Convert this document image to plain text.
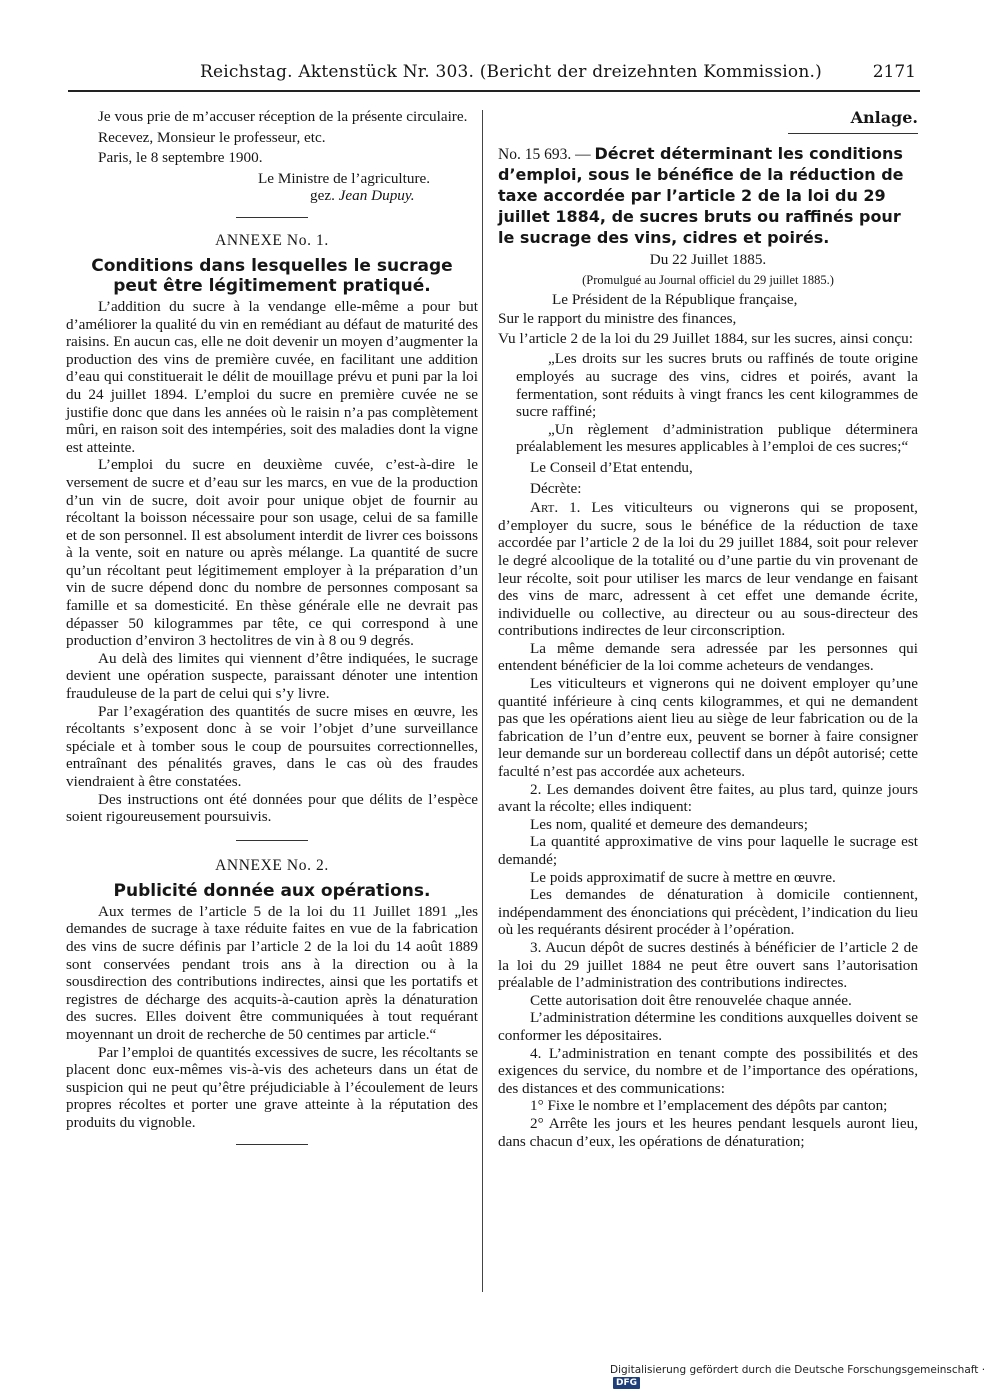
Reichstag. Aktenstück Nr. 303. (Bericht der dreizehnten Kommission.)	2171

Je vous prie de m’accuser réception de la présente circulaire.

Recevez, Monsieur le professeur, etc.

Paris, le 8 septembre 1900.

Le Ministre de l’agriculture.

gez. Jean Dupuy.

ANNEXE No. 1.

Conditions dans lesquelles le sucrage

peut être légitimement pratiqué.

L’addition du sucre à la vendange elle-même a pour but d’améliorer la qualité du vin en remédiant au défaut de maturité des raisins. En aucun cas, elle ne doit devenir un moyen d’augmenter la production des vins de première cuvée, en facilitant une addition d’eau qui constituerait le délit de mouillage prévu et puni par la loi du 24 juillet 1894. L’emploi du sucre en première cuvée ne se justifie donc que dans les années où le raisin n’a pas complètement mûri, en raison soit des intempéries, soit des maladies dont la vigne est atteinte.

L’emploi du sucre en deuxième cuvée, c’est-à-dire le versement de sucre et d’eau sur les marcs, en vue de la production d’un vin de sucre, doit avoir pour unique objet de fournir au récoltant la boisson nécessaire pour son usage, celui de sa famille et de son personnel. Il est absolument interdit de livrer ces boissons à la vente, soit en nature ou après mélange. La quantité de sucre qu’un récoltant peut légitimement employer à la préparation d’un vin de sucre dépend donc du nombre de personnes composant sa famille et sa domesticité. En thèse générale elle ne devrait pas dépasser 50 kilogrammes par tête, ce qui correspond à une production d’environ 3 hectolitres de vin à 8 ou 9 degrés.

Au delà des limites qui viennent d’être indiquées, le sucrage devient une opération suspecte, paraissant dénoter une intention frauduleuse de la part de celui qui s’y livre.

Par l’exagération des quantités de sucre mises en œuvre, les récoltants s’exposent donc à se voir l’objet d’une surveillance spéciale et à tomber sous le coup de poursuites correctionnelles, entraînant des pénalités graves, dans le cas où des fraudes viendraient à être constatées.

Des instructions ont été données pour que délits de l’espèce soient rigoureusement poursuivis.

ANNEXE No. 2.

Publicité donnée aux opérations.

Aux termes de l’article 5 de la loi du 11 Juillet 1891 „les demandes de sucrage à taxe réduite faites en vue de la fabrication des vins de sucre définis par l’article 2 de la loi du 14 août 1889 sont conservées pendant trois ans à la direction ou à la sousdirection des contributions indirectes, ainsi que les portatifs et registres de décharge des acquits-à-caution après la dénaturation des sucres. Elles doivent être communiquées à tout requérant moyennant un droit de recherche de 50 centimes par article.“

Par l’emploi de quantités excessives de sucre, les récoltants se placent donc eux-mêmes vis-à-vis des acheteurs dans un état de suspicion qui ne peut qu’être préjudiciable à l’écoulement de leurs propres récoltes et porter une grave atteinte à la réputation des produits du vignoble.

Anlage.

No. 15 693. — Décret déterminant les conditions d’emploi, sous le bénéfice de la réduction de taxe accordée par l’article 2 de la loi du 29 juillet 1884, de sucres bruts ou raffinés pour le sucrage des vins, cidres et poirés.

Du 22 Juillet 1885.

(Promulgué au Journal officiel du 29 juillet 1885.)

Le Président de la République française,

Sur le rapport du ministre des finances,

Vu l’article 2 de la loi du 29 Juillet 1884, sur les sucres, ainsi conçu:

„Les droits sur les sucres bruts ou raffinés de toute origine employés au sucrage des vins, cidres et poirés, avant la fermentation, sont réduits à vingt francs les cent kilogrammes de sucre raffiné;

„Un règlement d’administration publique déterminera préalablement les mesures applicables à l’emploi de ces sucres;“

Le Conseil d’Etat entendu,

Décrète:

Art. 1. Les viticulteurs ou vignerons qui se proposent, d’employer du sucre, sous le bénéfice de la réduction de taxe accordée par l’article 2 de la loi du 29 juillet 1884, soit pour relever le degré alcoolique de la totalité ou d’une partie du vin provenant de leur récolte, soit pour utiliser les marcs de leur vendange en faisant des vins de marc, adressent à cet effet une demande écrite, individuelle ou collective, au directeur ou au sous-directeur des contributions indirectes de leur circonscription.

La même demande sera adressée par les personnes qui entendent bénéficier de la loi comme acheteurs de vendanges.

Les viticulteurs et vignerons qui ne doivent employer qu’une quantité inférieure à cinq cents kilogrammes, et qui ne demandent pas que les opérations aient lieu au siège de leur fabrication ou de la fabrication de l’un d’entre eux, peuvent se borner à faire consigner leur demande sur un bordereau collectif dans un dépôt autorisé; cette faculté n’est pas accordée aux acheteurs.

2. Les demandes doivent être faites, au plus tard, quinze jours avant la récolte; elles indiquent:

Les nom, qualité et demeure des demandeurs;

La quantité approximative de vins pour laquelle le sucrage est demandé;

Le poids approximatif de sucre à mettre en œuvre.

Les demandes de dénaturation à domicile contiennent, indépendamment des énonciations qui précèdent, l’indication du lieu où les requérants désirent procéder à l’opération.

3. Aucun dépôt de sucres destinés à bénéficier de l’article 2 de la loi du 29 juillet 1884 ne peut être ouvert sans l’autorisation préalable de l’administration des contributions indirectes.

Cette autorisation doit être renouvelée chaque année.

L’administration détermine les conditions auxquelles doivent se conformer les dépositaires.

4. L’administration en tenant compte des possibilités et des exigences du service, du nombre et de l’importance des opérations, des distances et des communications:

1° Fixe le nombre et l’emplacement des dépôts par canton;

2° Arrête les jours et les heures pendant lesquels auront lieu, dans chacun d’eux, les opérations de dénaturation;

Digitalisierung gefördert durch die Deutsche Forschungsgemeinschaft ·DFG
